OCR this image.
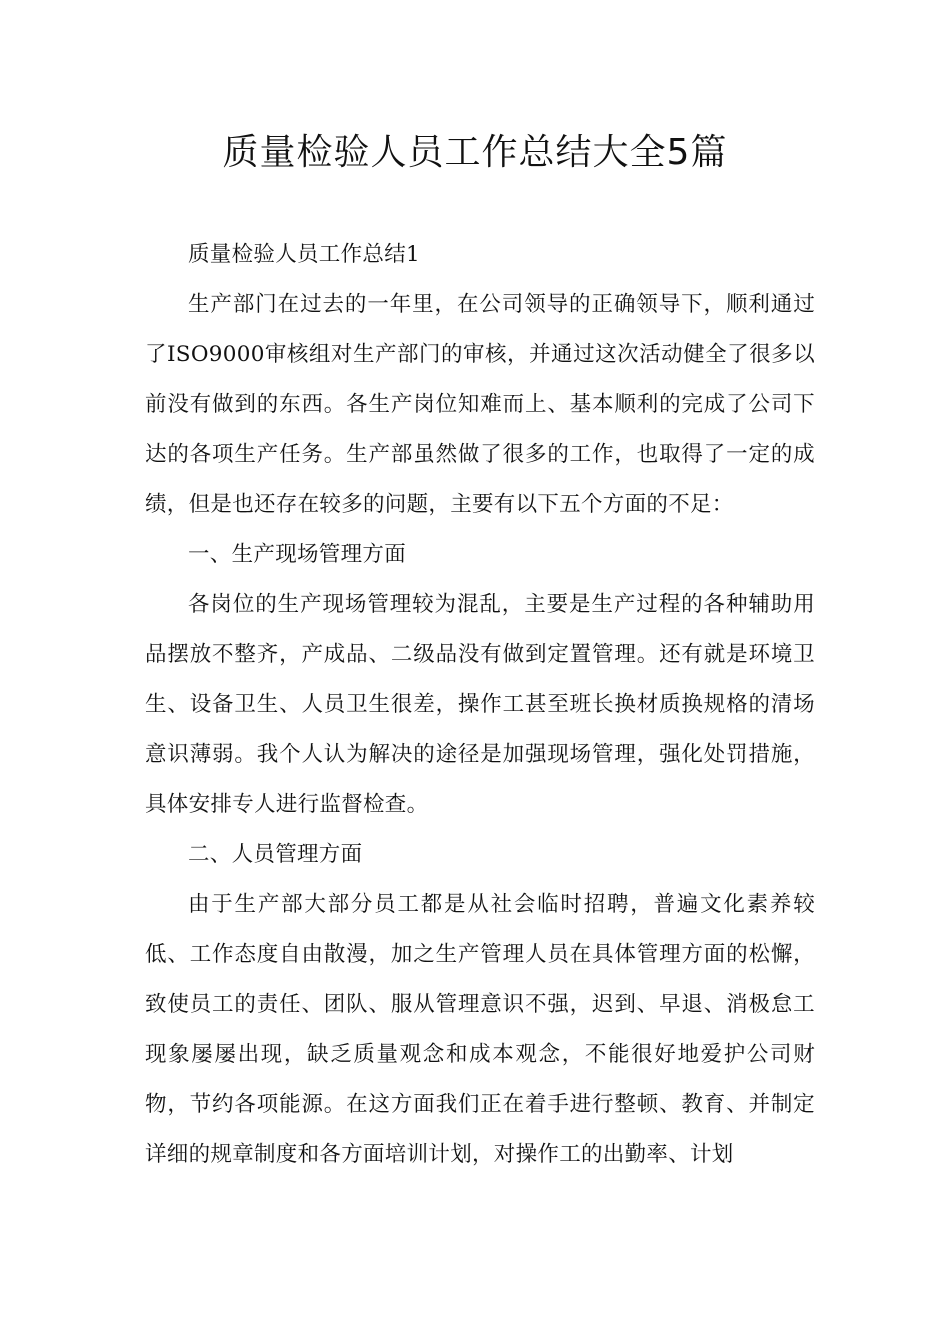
质量检验人员工作总结大全5篇

质量检验人员工作总结1

生产部门在过去的一年里，在公司领导的正确领导下，顺利通过了ISO9000审核组对生产部门的审核，并通过这次活动健全了很多以前没有做到的东西。各生产岗位知难而上、基本顺利的完成了公司下达的各项生产任务。生产部虽然做了很多的工作，也取得了一定的成绩，但是也还存在较多的问题，主要有以下五个方面的不足：

一、生产现场管理方面

各岗位的生产现场管理较为混乱，主要是生产过程的各种辅助用品摆放不整齐，产成品、二级品没有做到定置管理。还有就是环境卫生、设备卫生、人员卫生很差，操作工甚至班长换材质换规格的清场意识薄弱。我个人认为解决的途径是加强现场管理，强化处罚措施，具体安排专人进行监督检查。

二、人员管理方面

由于生产部大部分员工都是从社会临时招聘，普遍文化素养较低、工作态度自由散漫，加之生产管理人员在具体管理方面的松懈，致使员工的责任、团队、服从管理意识不强，迟到、早退、消极怠工现象屡屡出现，缺乏质量观念和成本观念，不能很好地爱护公司财物，节约各项能源。在这方面我们正在着手进行整顿、教育、并制定详细的规章制度和各方面培训计划，对操作工的出勤率、计划
